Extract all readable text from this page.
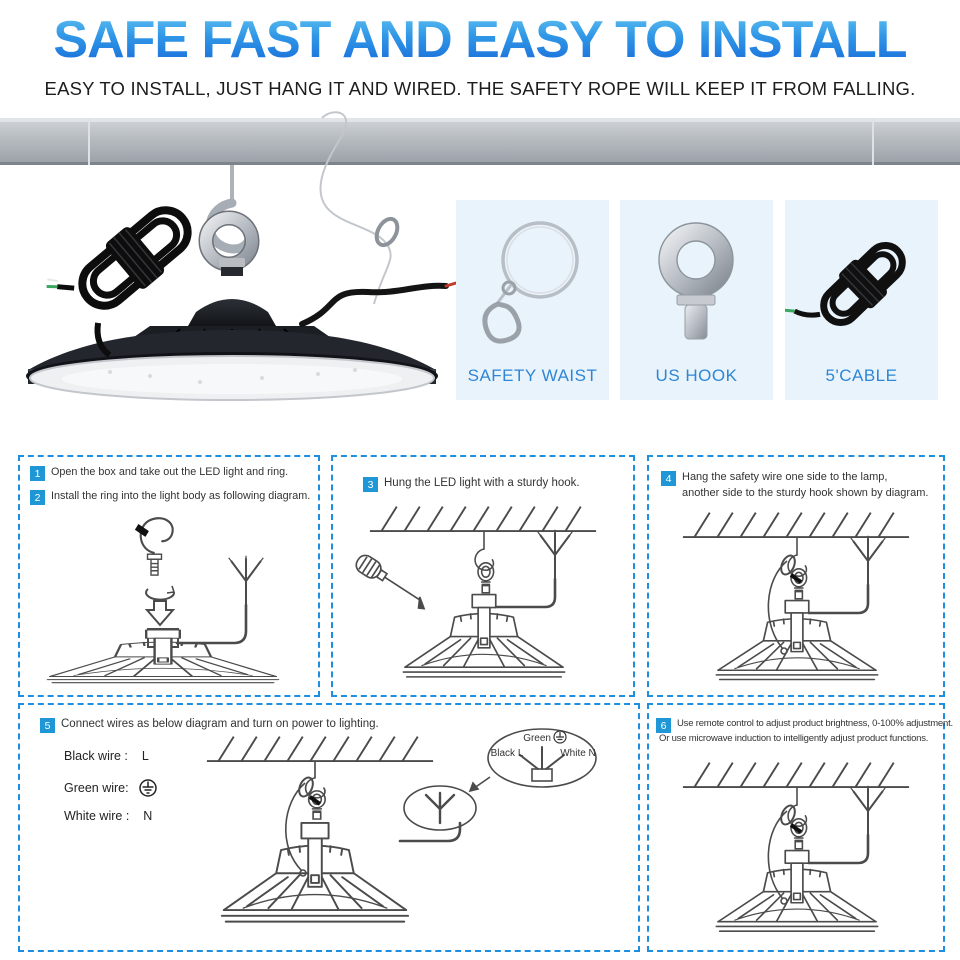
SAFE FAST AND EASY TO INSTALL
EASY TO INSTALL, JUST HANG IT AND WIRED. THE SAFETY ROPE WILL KEEP IT FROM FALLING.
SAFETY WAIST	US HOOK	5'CABLE
1 Open the box and take out the LED light and ring.
2 Install the ring into the light body as following diagram.
3 Hung the LED light with a sturdy hook.	4 Hang the safety wire one side to the lamp,
another side to the sturdy hook shown by diagram.
5 Connect wires as below diagram and turn on power to lighting.
Black wire : L
Green wire:
White wire : N
Green
Black L	White N
6	Use remote control to adjust product brightness, 0-100% adjustment.
Or use microwave induction to intelligently adjust product functions.
